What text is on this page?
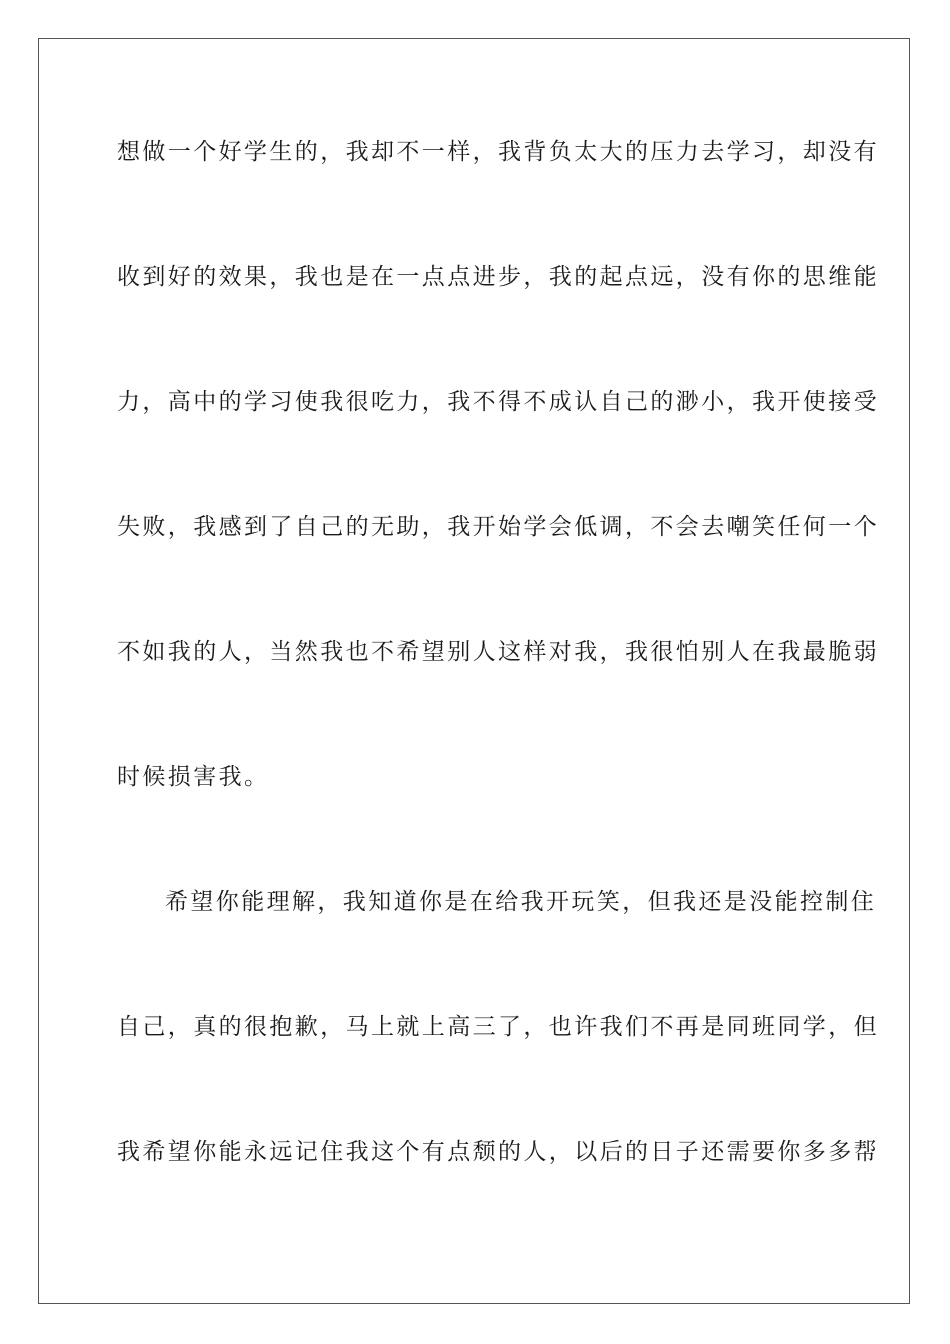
想做一个好学生的，我却不一样，我背负太大的压力去学习，却没有
收到好的效果，我也是在一点点进步，我的起点远，没有你的思维能
力，高中的学习使我很吃力，我不得不成认自己的渺小，我开使接受
失败，我感到了自己的无助，我开始学会低调，不会去嘲笑任何一个
不如我的人，当然我也不希望别人这样对我，我很怕别人在我最脆弱
时候损害我。
希望你能理解，我知道你是在给我开玩笑，但我还是没能控制住
自己，真的很抱歉，马上就上高三了，也许我们不再是同班同学，但
我希望你能永远记住我这个有点颓的人，以后的日子还需要你多多帮
